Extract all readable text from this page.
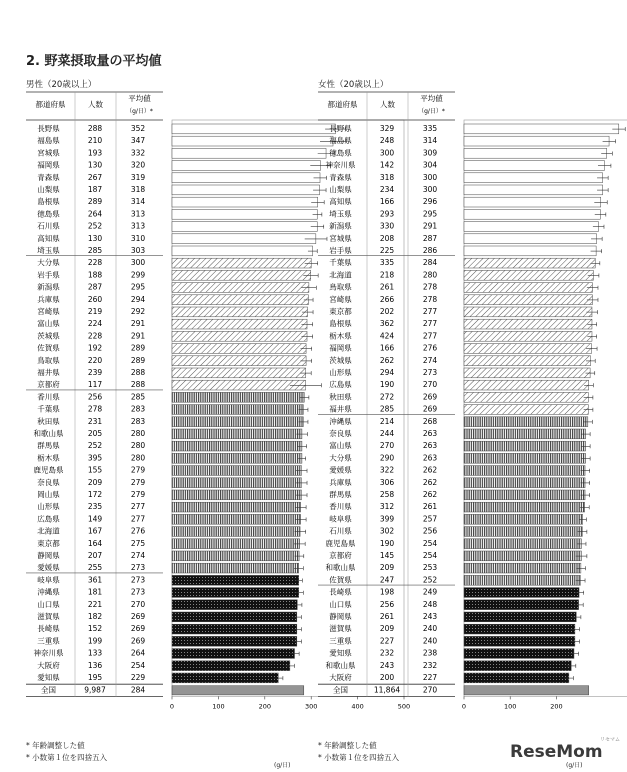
2. 野菜摂取量の平均値
男性（20歳以上）	女性（20歳以上）
都道府県	人数
平均値
（g/日）*
0	100	200	300	400	500
長野県	288	352
福島県	210	347
宮城県	193	332
福岡県	130	320
青森県	267	319
山梨県	187	318
島根県	289	314
徳島県	264	313
石川県	252	313
高知県	130	310
埼玉県	285	303
大分県	228	300
岩手県	188	299
新潟県	287	295
兵庫県	260	294
宮崎県	219	292
富山県	224	291
茨城県	228	291
佐賀県	192	289
鳥取県	220	289
福井県	239	288
京都府	117	288
香川県	256	285
千葉県	278	283
秋田県	231	283
和歌山県	205	280
群馬県	252	280
栃木県	395	280
鹿児島県	155	279
奈良県	209	279
岡山県	172	279
山形県	235	277
広島県	149	277
北海道	167	276
東京都	164	275
静岡県	207	274
愛媛県	255	273
岐阜県	361	273
沖縄県	181	273
山口県	221	270
滋賀県	182	269
長崎県	152	269
三重県	199	269
神奈川県	133	264
大阪府	136	254
愛知県	195	229
全国	9,987	284
都道府県	人数
平均値
（g/日）*
0	100	200
長野県	329	335
福島県	248	314
徳島県	300	309
神奈川県	142	304
青森県	318	300
山梨県	234	300
高知県	166	296
埼玉県	293	295
新潟県	330	291
宮城県	208	287
岩手県	225	286
千葉県	335	284
北海道	218	280
鳥取県	261	278
宮崎県	266	278
東京都	202	277
島根県	362	277
栃木県	424	277
福岡県	166	276
茨城県	262	274
山形県	294	273
広島県	190	270
秋田県	272	269
福井県	285	269
沖縄県	214	268
奈良県	244	263
富山県	270	263
大分県	290	263
愛媛県	322	262
兵庫県	306	262
群馬県	258	262
香川県	312	261
岐阜県	399	257
石川県	302	256
鹿児島県	190	254
京都府	145	254
和歌山県	209	253
佐賀県	247	252
長崎県	198	249
山口県	256	248
静岡県	261	243
滋賀県	209	240
三重県	227	240
愛知県	232	238
和歌山県	243	232
大阪府	200	227
全国	11,864	270
* 年齢調整した値
* 小数第１位を四捨五入
* 年齢調整した値
* 小数第１位を四捨五入
(g/日)	(g/日)
リセマム
ReseMom
